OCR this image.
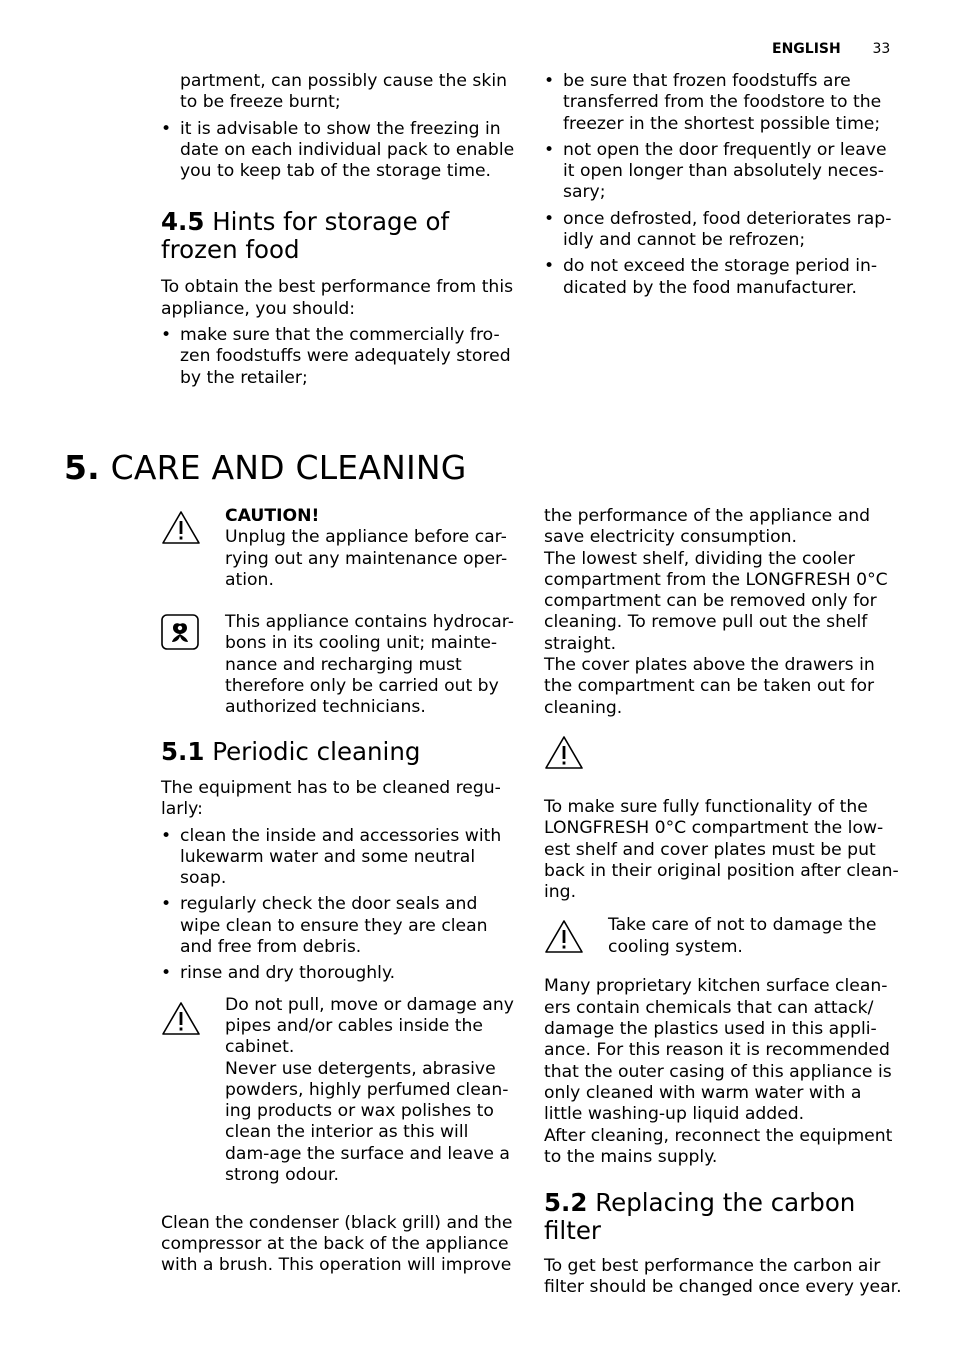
ENGLISH 33

partment, can possibly cause the skin to be freeze burnt;

• it is advisable to show the freezing in date on each individual pack to enable you to keep tab of the storage time.
4.5 Hints for storage of frozen food

To obtain the best performance from this appliance, you should:

• make sure that the commercially fro-zen foodstuffs were adequately stored by the retailer;
• be sure that frozen foodstuffs are transferred from the foodstore to the freezer in the shortest possible time;
• not open the door frequently or leave it open longer than absolutely neces-sary;
• once defrosted, food deteriorates rap-idly and cannot be refrozen;
• do not exceed the storage period in-dicated by the food manufacturer.
5. CARE AND CLEANING

CAUTION!

Unplug the appliance before car-rying out any maintenance oper-ation.

This appliance contains hydrocar-bons in its cooling unit; mainte-nance and recharging must therefore only be carried out by authorized technicians.

5.1 Periodic cleaning

The equipment has to be cleaned regu-larly:

• clean the inside and accessories with lukewarm water and some neutral soap.
• regularly check the door seals and wipe clean to ensure they are clean and free from debris.
• rinse and dry thoroughly.

Do not pull, move or damage any pipes and/or cables inside the cabinet.

Never use detergents, abrasive powders, highly perfumed clean-ing products or wax polishes to clean the interior as this will dam-age the surface and leave a strong odour.

Clean the condenser (black grill) and the compressor at the back of the appliance with a brush. This operation will improve

the performance of the appliance and save electricity consumption.

The lowest shelf, dividing the cooler compartment from the LONGFRESH 0°C compartment can be removed only for cleaning. To remove pull out the shelf straight.

The cover plates above the drawers in the compartment can be taken out for cleaning.

To make sure fully functionality of the LONGFRESH 0°C compartment the low-est shelf and cover plates must be put back in their original position after clean-ing.

Take care of not to damage the cooling system.

Many proprietary kitchen surface clean-ers contain chemicals that can attack/ damage the plastics used in this appli-ance. For this reason it is recommended that the outer casing of this appliance is only cleaned with warm water with a little washing-up liquid added.

After cleaning, reconnect the equipment to the mains supply.

5.2 Replacing the carbon filter

To get best performance the carbon air filter should be changed once every year.
